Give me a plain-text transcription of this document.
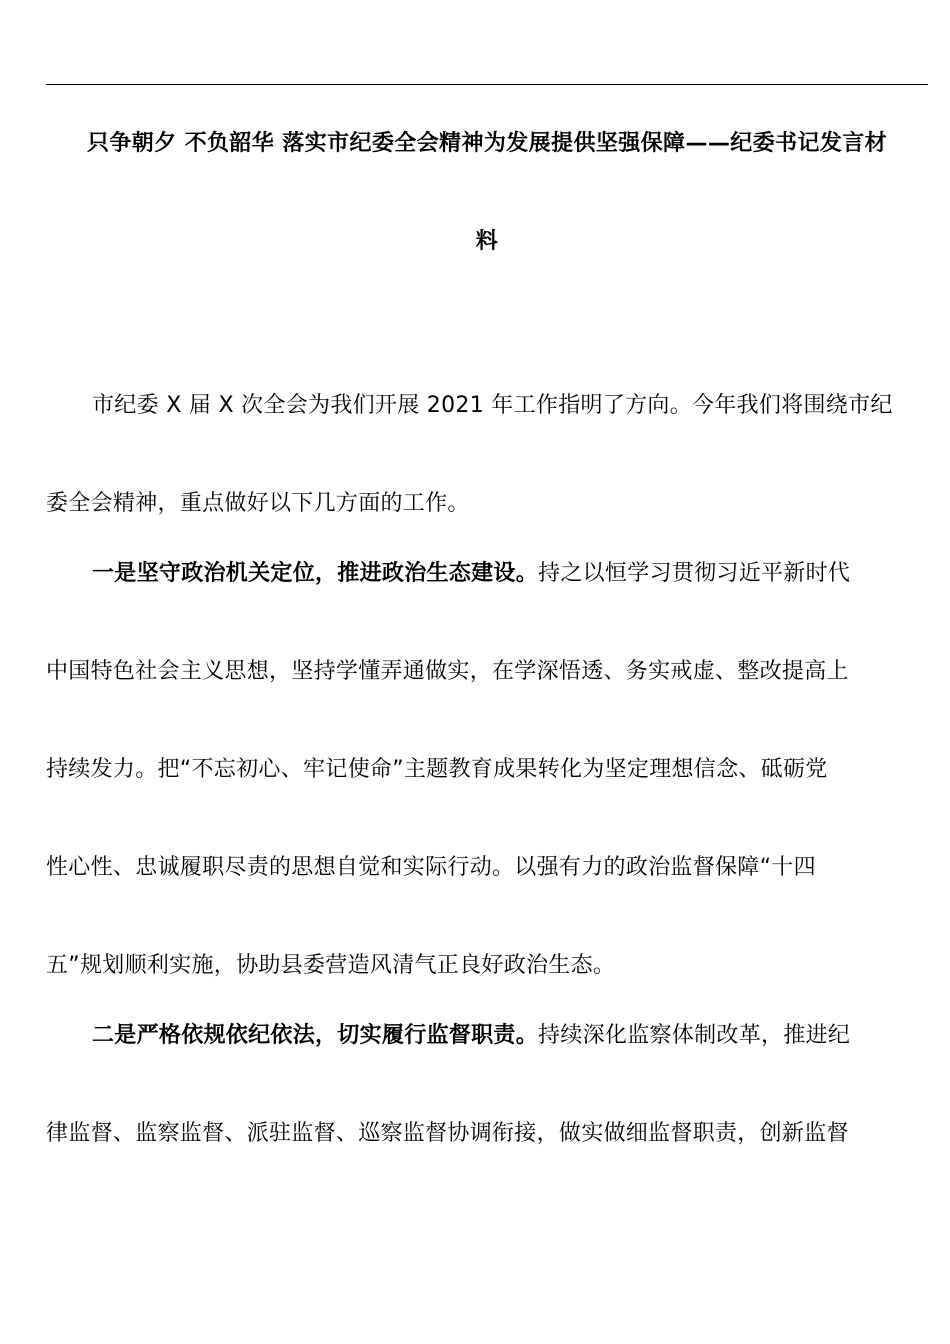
只争朝夕 不负韶华 落实市纪委全会精神为发展提供坚强保障——纪委书记发言材
料

市纪委 X 届 X 次全会为我们开展 2021 年工作指明了方向。今年我们将围绕市纪
委全会精神，重点做好以下几方面的工作。

一是坚守政治机关定位，推进政治生态建设。持之以恒学习贯彻习近平新时代
中国特色社会主义思想，坚持学懂弄通做实，在学深悟透、务实戒虚、整改提高上
持续发力。把“不忘初心、牢记使命”主题教育成果转化为坚定理想信念、砥砺党
性心性、忠诚履职尽责的思想自觉和实际行动。以强有力的政治监督保障“十四
五”规划顺利实施，协助县委营造风清气正良好政治生态。

二是严格依规依纪依法，切实履行监督职责。持续深化监察体制改革，推进纪
律监督、监察监督、派驻监督、巡察监督协调衔接，做实做细监督职责，创新监督
